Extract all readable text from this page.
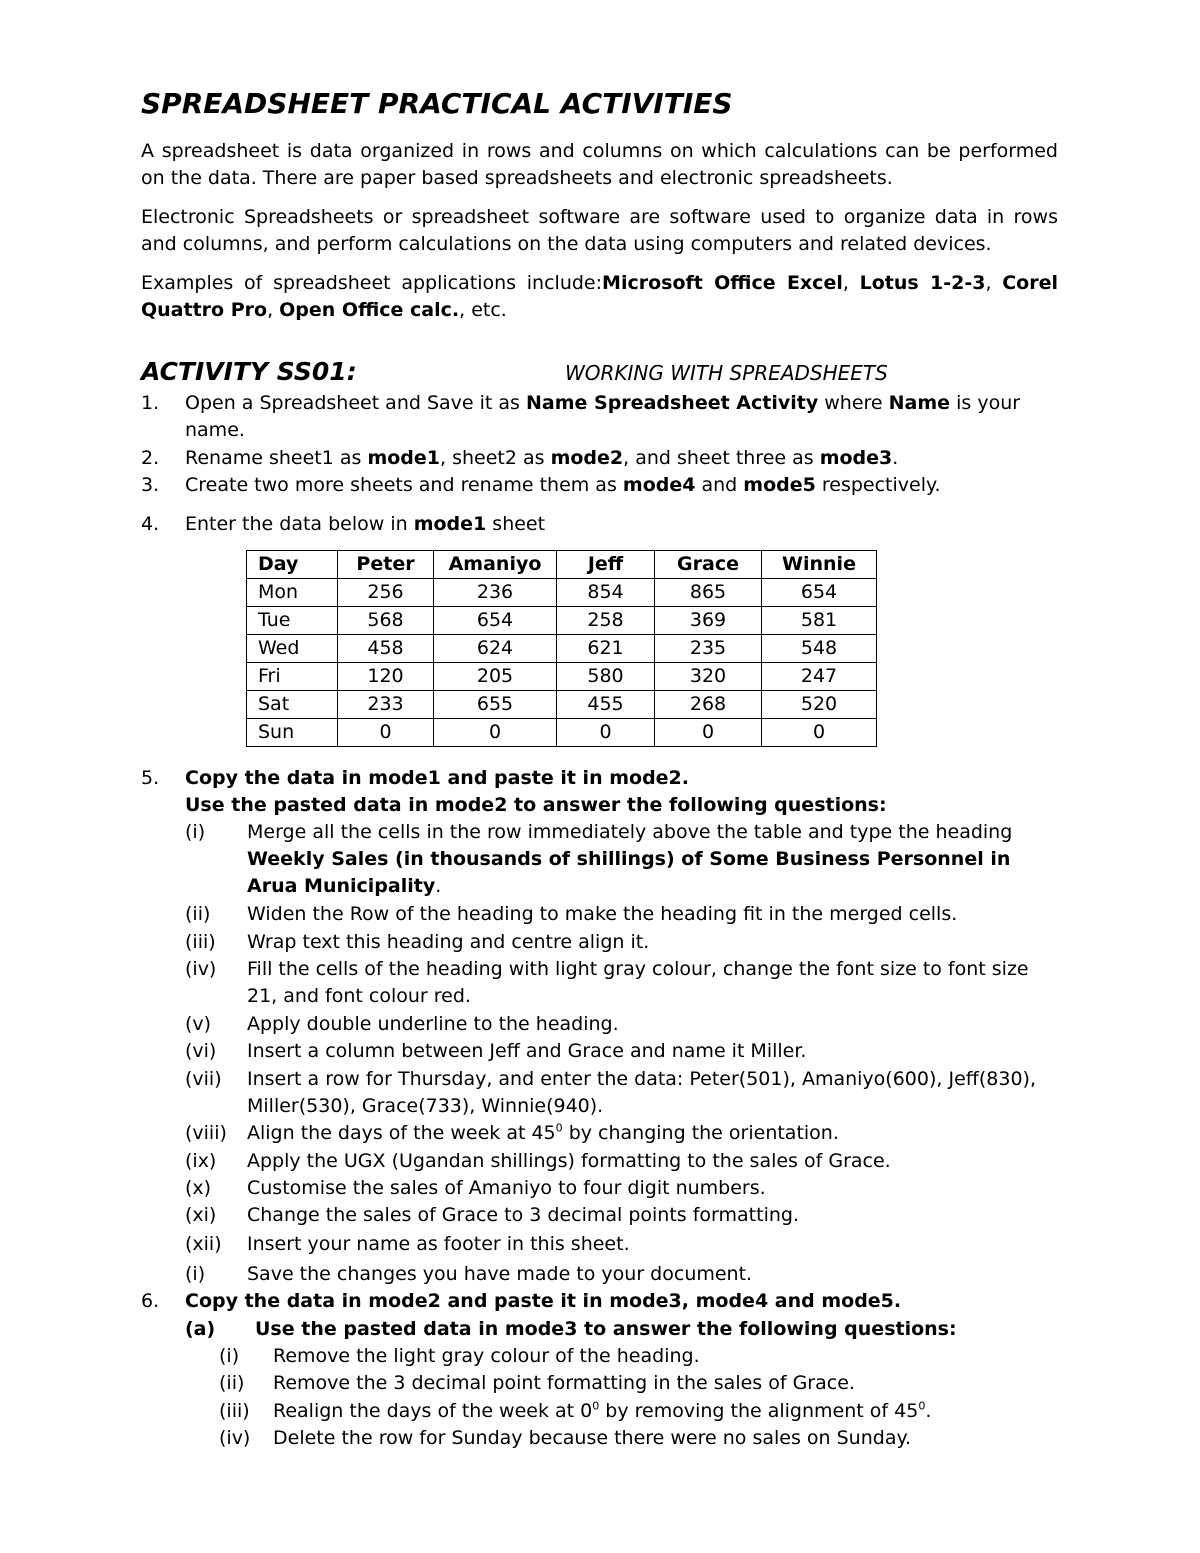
SPREADSHEET PRACTICAL ACTIVITIES
A spreadsheet is data organized in rows and columns on which calculations can be performed on the data. There are paper based spreadsheets and electronic spreadsheets.
Electronic Spreadsheets or spreadsheet software are software used to organize data in rows and columns, and perform calculations on the data using computers and related devices.
Examples of spreadsheet applications include:Microsoft Office Excel, Lotus 1-2-3, Corel Quattro Pro, Open Office calc., etc.
ACTIVITY SS01:	WORKING WITH SPREADSHEETS
1. Open a Spreadsheet and Save it as Name Spreadsheet Activity where Name is your name.
2. Rename sheet1 as mode1, sheet2 as mode2, and sheet three as mode3.
3. Create two more sheets and rename them as mode4 and mode5 respectively.
4. Enter the data below in mode1 sheet
Day	Peter	Amaniyo	Jeff	Grace	Winnie
Mon	256	236	854	865	654
Tue	568	654	258	369	581
Wed	458	624	621	235	548
Fri	120	205	580	320	247
Sat	233	655	455	268	520
Sun	0	0	0	0	0
5. Copy the data in mode1 and paste it in mode2.
Use the pasted data in mode2 to answer the following questions:
(i) Merge all the cells in the row immediately above the table and type the heading Weekly Sales (in thousands of shillings) of Some Business Personnel in Arua Municipality.
(ii) Widen the Row of the heading to make the heading fit in the merged cells.
(iii) Wrap text this heading and centre align it.
(iv) Fill the cells of the heading with light gray colour, change the font size to font size 21, and font colour red.
(v) Apply double underline to the heading.
(vi) Insert a column between Jeff and Grace and name it Miller.
(vii) Insert a row for Thursday, and enter the data: Peter(501), Amaniyo(600), Jeff(830), Miller(530), Grace(733), Winnie(940).
(viii) Align the days of the week at $45^0$ by changing the orientation.
(ix) Apply the UGX (Ugandan shillings) formatting to the sales of Grace.
(x) Customise the sales of Amaniyo to four digit numbers.
(xi) Change the sales of Grace to 3 decimal points formatting.
(xii) Insert your name as footer in this sheet.
(i) Save the changes you have made to your document.
6. Copy the data in mode2 and paste it in mode3, mode4 and mode5.
(a) Use the pasted data in mode3 to answer the following questions:
(i) Remove the light gray colour of the heading.
(ii) Remove the 3 decimal point formatting in the sales of Grace.
(iii) Realign the days of the week at $0^0$ by removing the alignment of $45^0$.
(iv) Delete the row for Sunday because there were no sales on Sunday.
